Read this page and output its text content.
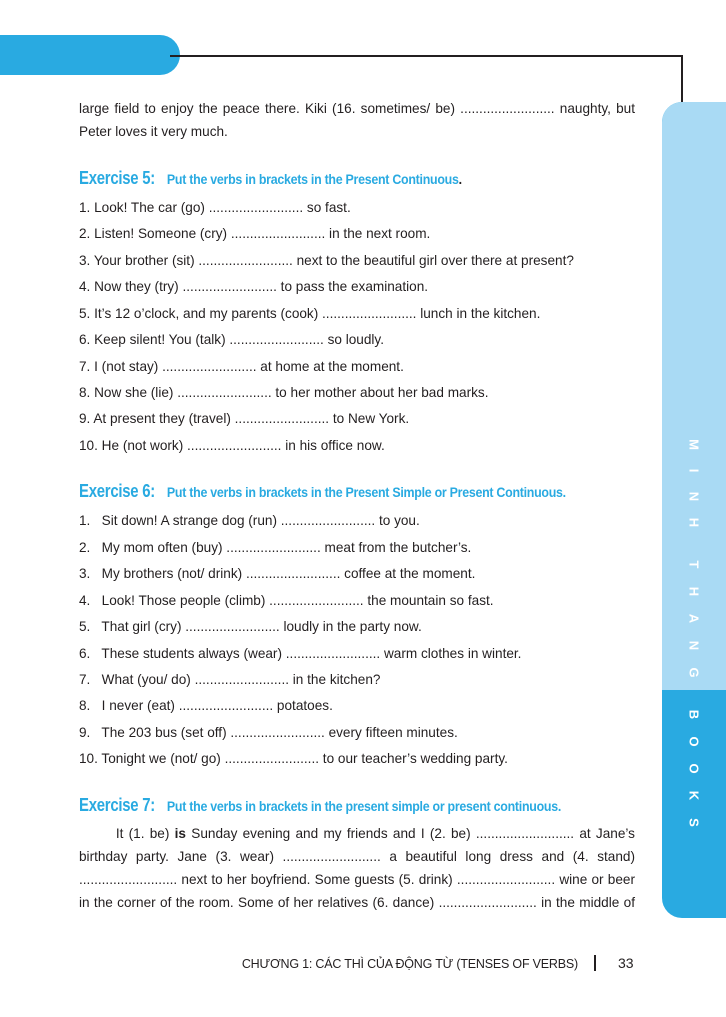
M
I
N
H
T
H
A
N
G
B
O
O
K
S
large field to enjoy the peace there. Kiki (16. sometimes/ be) ......................... naughty, but
Peter loves it very much.
Exercise 5: Put the verbs in brackets in the Present Continuous.
1. Look! The car (go) ......................... so fast.
2. Listen! Someone (cry) ......................... in the next room.
3. Your brother (sit) ......................... next to the beautiful girl over there at present?
4. Now they (try) ......................... to pass the examination.
5. It’s 12 o’clock, and my parents (cook) ......................... lunch in the kitchen.
6. Keep silent! You (talk) ......................... so loudly.
7. I (not stay) ......................... at home at the moment.
8. Now she (lie) ......................... to her mother about her bad marks.
9. At present they (travel) ......................... to New York.
10. He (not work) ......................... in his office now.
Exercise 6: Put the verbs in brackets in the Present Simple or Present Continuous.
1.   Sit down! A strange dog (run) ......................... to you.
2.   My mom often (buy) ......................... meat from the butcher’s.
3.   My brothers (not/ drink) ......................... coffee at the moment.
4.   Look! Those people (climb) ......................... the mountain so fast.
5.   That girl (cry) ......................... loudly in the party now.
6.   These students always (wear) ......................... warm clothes in winter.
7.   What (you/ do) ......................... in the kitchen?
8.   I never (eat) ......................... potatoes.
9.   The 203 bus (set off) ......................... every fifteen minutes.
10. Tonight we (not/ go) ......................... to our teacher’s wedding party.
Exercise 7: Put the verbs in brackets in the present simple or present continuous.
It (1. be) is Sunday evening and my friends and I (2. be) .......................... at Jane’s
birthday party. Jane (3. wear) .......................... a beautiful long dress and (4. stand)
.......................... next to her boyfriend. Some guests (5. drink) .......................... wine or beer
in the corner of the room. Some of her relatives (6. dance) .......................... in the middle of
CHƯƠNG 1: CÁC THÌ CỦA ĐỘNG TỪ (TENSES OF VERBS)	33
